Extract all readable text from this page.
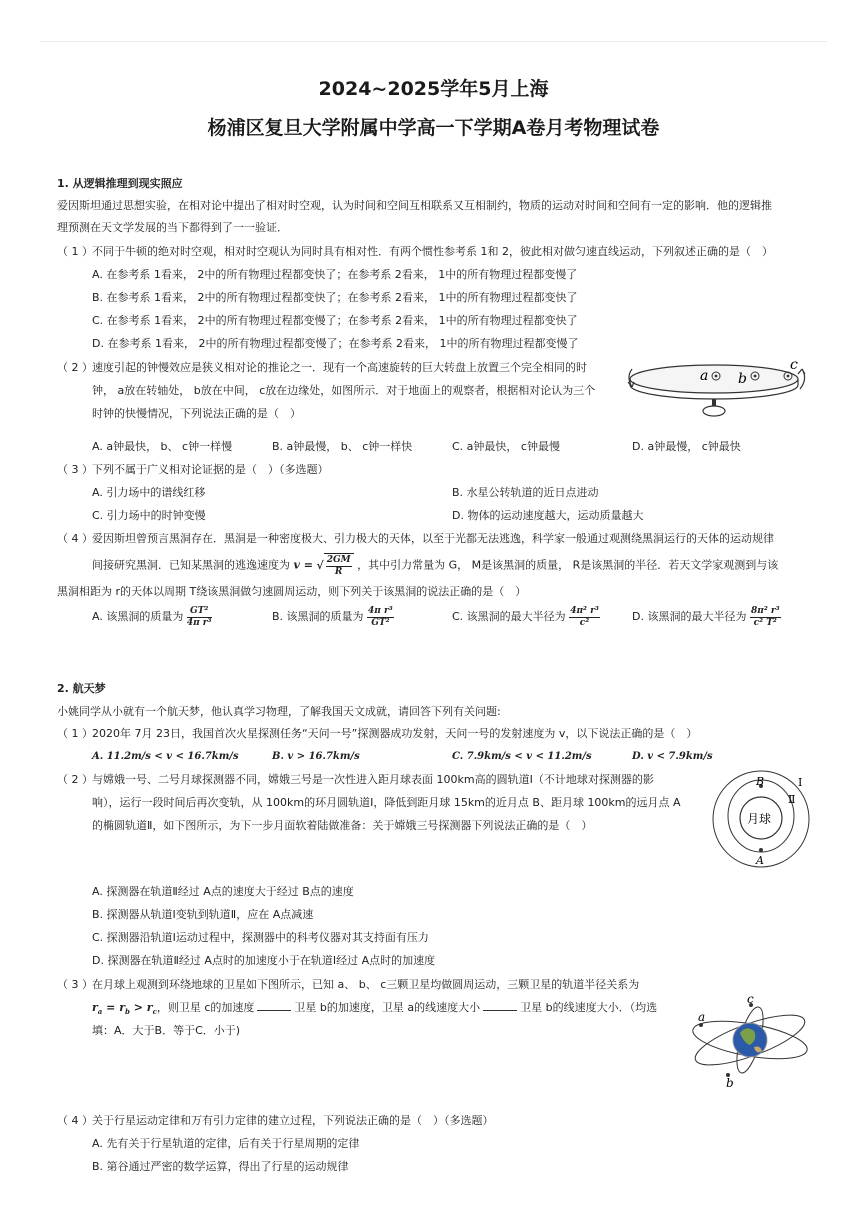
2024~2025学年5月上海
杨浦区复旦大学附属中学高一下学期A卷月考物理试卷
1. 从逻辑推理到现实照应
爱因斯坦通过思想实验，在相对论中提出了相对时空观，认为时间和空间互相联系又互相制约，物质的运动对时间和空间有一定的影响．他的逻辑推
理预测在天文学发展的当下都得到了一一验证．
（ 1 ） 不同于牛顿的绝对时空观，相对时空观认为同时具有相对性．有两个惯性参考系 1和 2，彼此相对做匀速直线运动，下列叙述正确的是（　）
A. 在参考系 1看来， 2中的所有物理过程都变快了；在参考系 2看来， 1中的所有物理过程都变慢了
B. 在参考系 1看来， 2中的所有物理过程都变快了；在参考系 2看来， 1中的所有物理过程都变快了
C. 在参考系 1看来， 2中的所有物理过程都变慢了；在参考系 2看来， 1中的所有物理过程都变快了
D. 在参考系 1看来， 2中的所有物理过程都变慢了；在参考系 2看来， 1中的所有物理过程都变慢了
（ 2 ） 速度引起的钟慢效应是狭义相对论的推论之一．现有一个高速旋转的巨大转盘上放置三个完全相同的时
钟， a放在转轴处， b放在中间， c放在边缘处，如图所示．对于地面上的观察者，根据相对论认为三个
时钟的快慢情况，下列说法正确的是（　）
a b
c
A. a钟最快， b、 c钟一样慢	B. a钟最慢， b、 c钟一样快	C. a钟最快， c钟最慢	D. a钟最慢， c钟最快
（ 3 ） 下列不属于广义相对论证据的是（　）（多选题）
A. 引力场中的谱线红移	B. 水星公转轨道的近日点进动
C. 引力场中的时钟变慢	D. 物体的运动速度越大，运动质量越大
（ 4 ） 爱因斯坦曾预言黑洞存在．黑洞是一种密度极大、引力极大的天体，以至于光都无法逃逸，科学家一般通过观测绕黑洞运行的天体的运动规律
间接研究黑洞．已知某黑洞的逃逸速度为 v = √ $\frac{2GM}{R}$ ，其中引力常量为 G， M是该黑洞的质量， R是该黑洞的半径．若天文学家观测到与该
黑洞相距为 r的天体以周期 T绕该黑洞做匀速圆周运动，则下列关于该黑洞的说法正确的是（　）
A. 该黑洞的质量为 $\frac{\text{GT²}}{\text{4π r³}}$	B. 该黑洞的质量为 $\frac{\text{4π r³}}{\text{GT²}}$	C. 该黑洞的最大半径为 $\frac{\text{4π² r³}}{\text{c²}}$	D. 该黑洞的最大半径为 $\frac{\text{8π² r³}}{\text{c² T²}}$
2. 航天梦
小姚同学从小就有一个航天梦，他认真学习物理，了解我国天文成就，请回答下列有关问题:
（ 1 ） 2020年 7月 23日，我国首次火星探测任务“天问一号”探测器成功发射，天问一号的发射速度为 v，以下说法正确的是（　）
A. 11.2m/s < v < 16.7km/s	B. v > 16.7km/s	C. 7.9km/s < v < 11.2m/s	D. v < 7.9km/s
（ 2 ） 与嫦娥一号、二号月球探测器不同，嫦娥三号是一次性进入距月球表面 100km高的圆轨道Ⅰ（不计地球对探测器的影
响），运行一段时间后再次变轨，从 100km的环月圆轨道Ⅰ，降低到距月球 15km的近月点 B、距月球 100km的远月点 A
的椭圆轨道Ⅱ，如下图所示，为下一步月面软着陆做准备：关于嫦娥三号探测器下列说法正确的是（　）	月球
B
A
Ⅰ
Ⅱ
A. 探测器在轨道Ⅱ经过 A点的速度大于经过 B点的速度
B. 探测器从轨道Ⅰ变轨到轨道Ⅱ，应在 A点减速
C. 探测器沿轨道Ⅰ运动过程中，探测器中的科考仪器对其支持面有压力
D. 探测器在轨道Ⅱ经过 A点时的加速度小于在轨道Ⅰ经过 A点时的加速度
（ 3 ） 在月球上观测到环绕地球的卫星如下图所示，已知 a、 b、 c三颗卫星均做圆周运动，三颗卫星的轨道半径关系为
$r_a = r_b > r_c$，则卫星 c的加速度	卫星 b的加速度，卫星 a的线速度大小	卫星 b的线速度大小．（均选
填：A．大于B．等于C．小于)
a
b
c
（ 4 ） 关于行星运动定律和万有引力定律的建立过程，下列说法正确的是（　）（多选题）
A. 先有关于行星轨道的定律，后有关于行星周期的定律
B. 第谷通过严密的数学运算，得出了行星的运动规律
